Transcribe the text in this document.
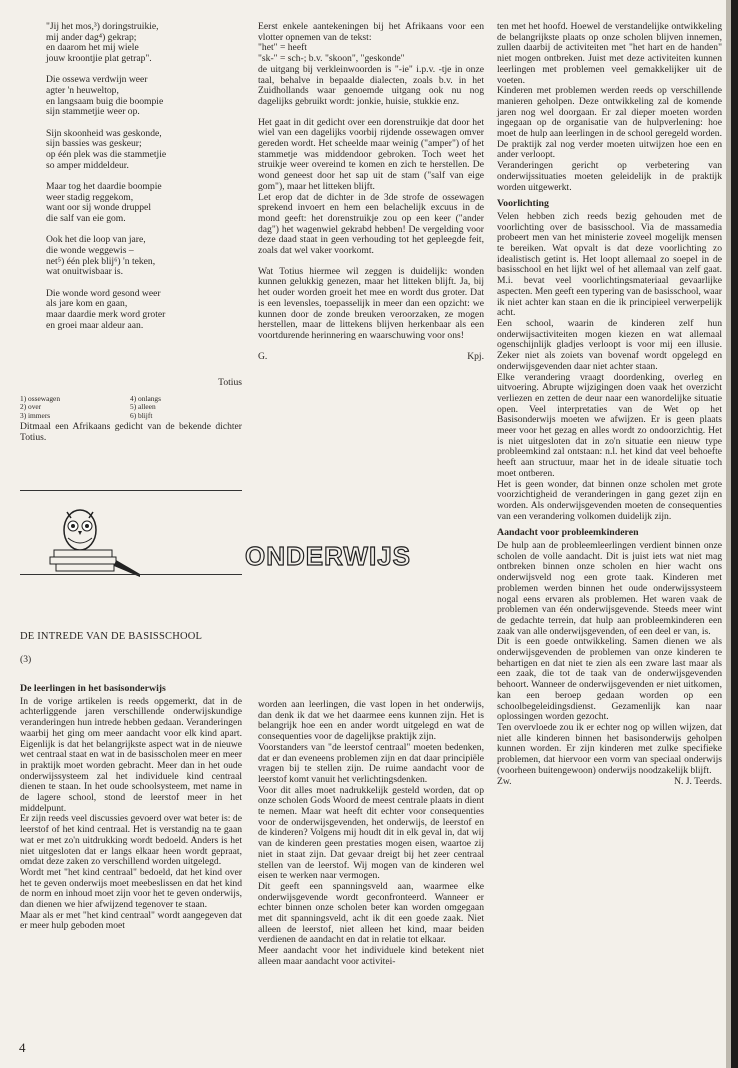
"Jij het mos,³) doringstruikie,
mij ander dag⁴) gekrap;
en daarom het mij wiele
jouw kroontjie plat getrap".

Die ossewa verdwijn weer
agter 'n heuweltop,
en langsaam buig die boompie
sijn stammetjie weer op.

Sijn skoonheid was geskonde,
sijn bassies was geskeur;
op één plek was die stammetjie
so amper middeldeur.

Maar tog het daardie boompie
weer stadig reggekom,
want oor sij wonde druppel
die salf van eie gom.

Ook het die loop van jare,
die wonde weggewis –
net⁵) één plek blij⁶) 'n teken,
wat onuitwisbaar is.

Die wonde word gesond weer
als jare kom en gaan,
maar daardie merk word groter
en groei maar aldeur aan.

Totius
1) ossewagen	4) onlangs
2) over	5) alleen
3) immers	6) blijft

Ditmaal een Afrikaans gedicht van de bekende dichter Totius.

Eerst enkele aantekeningen bij het Afrikaans voor een vlotter opnemen van de tekst:
"het" = heeft
"sk-" = sch-; b.v. "skoon", "geskonde"
de uitgang bij verkleinwoorden is "-ie" i.p.v. -tje in onze taal, behalve in bepaalde dialecten, zoals b.v. in het Zuidhollands waar genoemde uitgang ook nu nog dagelijks gebruikt wordt: jonkie, huisie, stukkie enz.

Het gaat in dit gedicht over een dorenstruikje dat door het wiel van een dagelijks voorbij rijdende ossewagen omver gereden wordt. Het scheelde maar weinig ("amper") of het stammetje was middendoor gebroken. Toch weet het struikje weer overeind te komen en zich te herstellen. De wond geneest door het sap uit de stam ("salf van eige gom"), maar het litteken blijft.
Let erop dat de dichter in de 3de strofe de ossewagen sprekend invoert en hem een belachelijk excuus in de mond geeft: het dorenstruikje zou op een keer ("ander dag") het wagenwiel gekrabd hebben! De vergelding voor deze daad staat in geen verhouding tot het gepleegde feit, zoals dat wel vaker voorkomt.

Wat Totius hiermee wil zeggen is duidelijk: wonden kunnen gelukkig genezen, maar het litteken blijft. Ja, bij het ouder worden groeit het mee en wordt dus groter. Dat is een levensles, toepasselijk in meer dan een opzicht: we kunnen door de zonde breuken veroorzaken, ze mogen herstellen, maar de littekens blijven herkenbaar als een voortdurende herinnering en waarschuwing voor ons!

G.	Kpj.
ONDERWIJS
DE INTREDE VAN DE BASISSCHOOL
(3)
De leerlingen in het basisonderwijs

In de vorige artikelen is reeds opgemerkt, dat in de achterliggende jaren verschillende onderwijskundige veranderingen hun intrede hebben gedaan. Veranderingen waarbij het ging om meer aandacht voor elk kind apart. Eigenlijk is dat het belangrijkste aspect wat in de nieuwe wet centraal staat en wat in de basisscholen meer en meer in praktijk moet worden gebracht. Meer dan in het oude onderwijssysteem zal het individuele kind centraal dienen te staan. In het oude schoolsysteem, met name in de lagere school, stond de leerstof meer in het middelpunt.

Er zijn reeds veel discussies gevoerd over wat beter is: de leerstof of het kind centraal. Het is verstandig na te gaan wat er met zo'n uitdrukking wordt bedoeld. Anders is het niet uitgesloten dat er langs elkaar heen wordt gepraat, omdat deze zaken zo verschillend worden uitgelegd.

Wordt met "het kind centraal" bedoeld, dat het kind over het te geven onderwijs moet meebeslissen en dat het kind de norm en inhoud moet zijn voor het te geven onderwijs, dan dienen we hier afwijzend tegenover te staan.

Maar als er met "het kind centraal" wordt aangegeven dat er meer hulp geboden moet

worden aan leerlingen, die vast lopen in het onderwijs, dan denk ik dat we het daarmee eens kunnen zijn. Het is belangrijk hoe een en ander wordt uitgelegd en wat de consequenties voor de dagelijkse praktijk zijn.

Voorstanders van "de leerstof centraal" moeten bedenken, dat er dan eveneens problemen zijn en dat daar principiële vragen bij te stellen zijn. De ruime aandacht voor de leerstof komt vanuit het verlichtingsdenken.

Voor dit alles moet nadrukkelijk gesteld worden, dat op onze scholen Gods Woord de meest centrale plaats in dient te nemen. Maar wat heeft dit echter voor consequenties voor de onderwijsgevenden, het onderwijs, de leerstof en de kinderen? Volgens mij houdt dit in elk geval in, dat wij van de kinderen geen prestaties mogen eisen, waartoe zij niet in staat zijn. Dat gevaar dreigt bij het zeer centraal stellen van de leerstof. Wij mogen van de kinderen wel eisen te werken naar vermogen.

Dit geeft een spanningsveld aan, waarmee elke onderwijsgevende wordt geconfronteerd. Wanneer er echter binnen onze scholen beter kan worden omgegaan met dit spanningsveld, acht ik dit een goede zaak. Niet alleen de leerstof, niet alleen het kind, maar beiden verdienen de aandacht en dat in relatie tot elkaar.

Meer aandacht voor het individuele kind betekent niet alleen maar aandacht voor activitei-

ten met het hoofd. Hoewel de verstandelijke ontwikkeling de belangrijkste plaats op onze scholen blijven innemen, zullen daarbij de activiteiten met "het hart en de handen" niet mogen ontbreken. Juist met deze activiteiten kunnen leerlingen met problemen veel gemakkelijker uit de voeten.

Kinderen met problemen werden reeds op verschillende manieren geholpen. Deze ontwikkeling zal de komende jaren nog wel doorgaan. Er zal dieper moeten worden ingegaan op de organisatie van de hulpverlening: hoe moet de hulp aan leerlingen in de school geregeld worden. De praktijk zal nog verder moeten uitwijzen hoe een en ander verloopt.

Veranderingen gericht op verbetering van onderwijssituaties moeten geleidelijk in de praktijk worden uitgewerkt.

Voorlichting

Velen hebben zich reeds bezig gehouden met de voorlichting over de basisschool. Via de massamedia probeert men van het ministerie zoveel mogelijk mensen te bereiken. Wat opvalt is dat deze voorlichting zo idealistisch getint is. Het loopt allemaal zo soepel in de basisschool en het lijkt wel of het allemaal van zelf gaat. M.i. bevat veel voorlichtingsmateriaal gevaarlijke aspecten. Men geeft een typering van de basisschool, waar ik niet achter kan staan en die ik principieel verwerpelijk acht.

Een school, waarin de kinderen zelf hun onderwijsactiviteiten mogen kiezen en wat allemaal ogenschijnlijk gladjes verloopt is voor mij een illusie. Zeker niet als zoiets van bovenaf wordt opgelegd en onderwijsgevenden daar niet achter staan.

Elke verandering vraagt doordenking, overleg en uitvoering. Abrupte wijzigingen doen vaak het overzicht verliezen en zetten de deur naar een wanordelijke situatie open. Veel interpretaties van de Wet op het Basisonderwijs moeten we afwijzen. Er is geen plaats meer voor het gezag en alles wordt zo ondoorzichtig. Het is niet uitgesloten dat in zo'n situatie een nieuw type probleemkind zal ontstaan: n.l. het kind dat veel behoefte heeft aan structuur, maar het in de ideale situatie toch moet ontberen.

Het is geen wonder, dat binnen onze scholen met grote voorzichtigheid de veranderingen in gang gezet zijn en worden. Als onderwijsgevenden moeten de consequenties van een verandering volkomen duidelijk zijn.

Aandacht voor probleemkinderen

De hulp aan de probleemleerlingen verdient binnen onze scholen de volle aandacht. Dit is juist iets wat niet mag ontbreken binnen onze scholen en hier wacht ons onderwijsveld nog een grote taak. Kinderen met problemen werden binnen het oude onderwijssysteem nogal eens ervaren als problemen. Het waren vaak de problemen van één onderwijsgevende. Steeds meer wint de gedachte terrein, dat hulp aan probleemkinderen een zaak van alle onderwijsgevenden, of een deel er van, is.

Dit is een goede ontwikkeling. Samen dienen we als onderwijsgevenden de problemen van onze kinderen te behartigen en dat niet te zien als een zware last maar als een zaak, die tot de taak van de onderwijsgevenden behoort. Wanneer de onderwijsgevenden er niet uitkomen, kan een beroep gedaan worden op een schoolbegeleidingsdienst. Gezamenlijk kan naar oplossingen worden gezocht.

Ten overvloede zou ik er echter nog op willen wijzen, dat niet alle kinderen binnen het basisonderwijs geholpen kunnen worden. Er zijn kinderen met zulke specifieke problemen, dat hiervoor een vorm van speciaal onderwijs (voorheen buitengewoon) onderwijs noodzakelijk blijft.

Zw.	N. J. Teerds.
4
